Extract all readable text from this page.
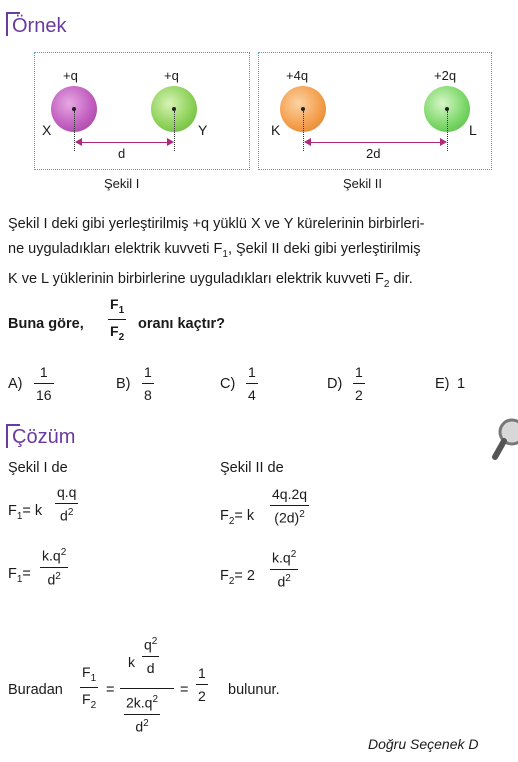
Örnek
+q	+q
X	Y
d
Şekil I
+4q	+2q
K	L
2d
Şekil II
Şekil I deki gibi yerleştirilmiş +q yüklü X ve Y kürelerinin birbirleri-
ne uyguladıkları elektrik kuvveti $F_1$, Şekil II deki gibi yerleştirilmiş
K ve L yüklerinin birbirlerine uyguladıkları elektrik kuvveti $F_2$ dir.
Buna göre,
$F_1$
$F_2$
oranı kaçtır?
A)
1
16
B)
1
8
C)
1
4
D)
1
2
E) 1
Çözüm
Şekil I de
$F_1= k$
q.q
$d^2$
$F_1=$
$k.q^2$
$d^2$
Şekil II de
$F_2= k$
4q.2q
$(2d)^2$
$F_2= 2$
$k.q^2$
$d^2$
Buradan
$F_1$
$F_2$
=
k
$q^2$
d
$2k.q^2$
$d^2$
=
1
2 bulunur.
Doğru Seçenek D
